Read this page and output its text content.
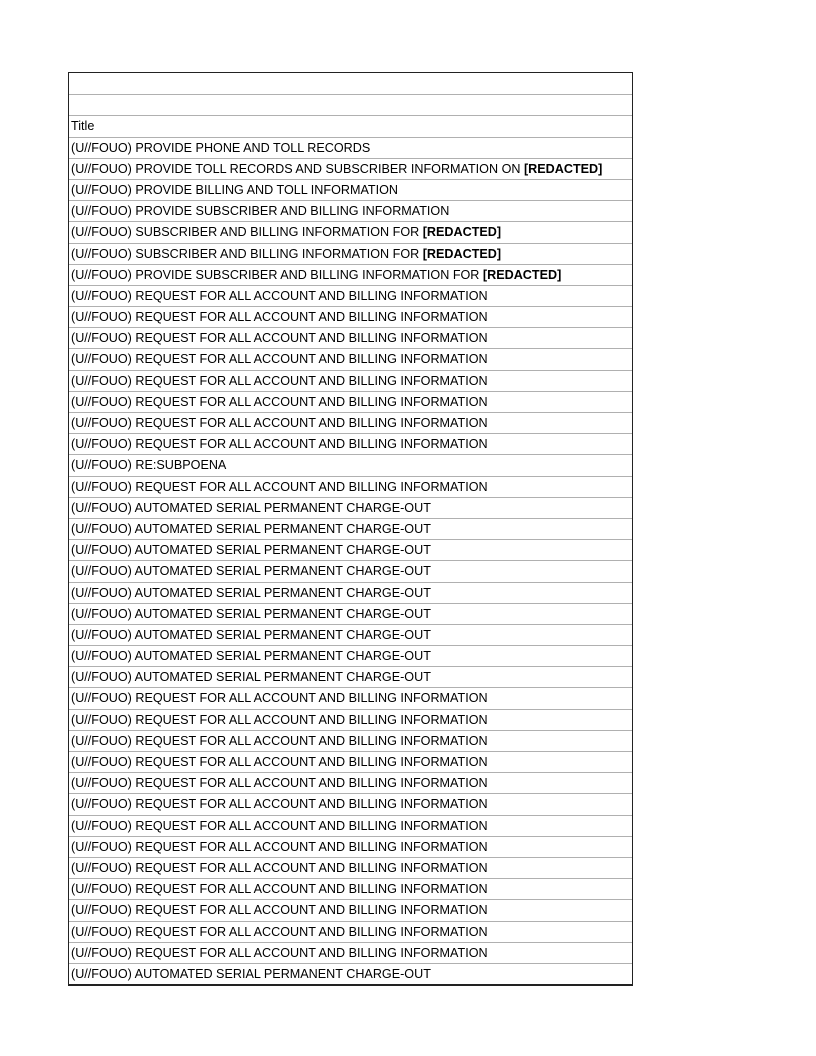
Title
(U//FOUO) PROVIDE PHONE AND TOLL RECORDS
(U//FOUO) PROVIDE TOLL RECORDS AND SUBSCRIBER INFORMATION ON [REDACTED]
(U//FOUO) PROVIDE BILLING AND TOLL INFORMATION
(U//FOUO) PROVIDE SUBSCRIBER AND BILLING INFORMATION
(U//FOUO) SUBSCRIBER AND BILLING INFORMATION FOR [REDACTED]
(U//FOUO) SUBSCRIBER AND BILLING INFORMATION FOR [REDACTED]
(U//FOUO) PROVIDE SUBSCRIBER AND BILLING INFORMATION FOR [REDACTED]
(U//FOUO) REQUEST FOR ALL ACCOUNT AND BILLING INFORMATION
(U//FOUO) REQUEST FOR ALL ACCOUNT AND BILLING INFORMATION
(U//FOUO) REQUEST FOR ALL ACCOUNT AND BILLING INFORMATION
(U//FOUO) REQUEST FOR ALL ACCOUNT AND BILLING INFORMATION
(U//FOUO) REQUEST FOR ALL ACCOUNT AND BILLING INFORMATION
(U//FOUO) REQUEST FOR ALL ACCOUNT AND BILLING INFORMATION
(U//FOUO) REQUEST FOR ALL ACCOUNT AND BILLING INFORMATION
(U//FOUO) REQUEST FOR ALL ACCOUNT AND BILLING INFORMATION
(U//FOUO) RE:SUBPOENA
(U//FOUO) REQUEST FOR ALL ACCOUNT AND BILLING INFORMATION
(U//FOUO) AUTOMATED SERIAL PERMANENT CHARGE-OUT
(U//FOUO) AUTOMATED SERIAL PERMANENT CHARGE-OUT
(U//FOUO) AUTOMATED SERIAL PERMANENT CHARGE-OUT
(U//FOUO) AUTOMATED SERIAL PERMANENT CHARGE-OUT
(U//FOUO) AUTOMATED SERIAL PERMANENT CHARGE-OUT
(U//FOUO) AUTOMATED SERIAL PERMANENT CHARGE-OUT
(U//FOUO) AUTOMATED SERIAL PERMANENT CHARGE-OUT
(U//FOUO) AUTOMATED SERIAL PERMANENT CHARGE-OUT
(U//FOUO) AUTOMATED SERIAL PERMANENT CHARGE-OUT
(U//FOUO) REQUEST FOR ALL ACCOUNT AND BILLING INFORMATION
(U//FOUO) REQUEST FOR ALL ACCOUNT AND BILLING INFORMATION
(U//FOUO) REQUEST FOR ALL ACCOUNT AND BILLING INFORMATION
(U//FOUO) REQUEST FOR ALL ACCOUNT AND BILLING INFORMATION
(U//FOUO) REQUEST FOR ALL ACCOUNT AND BILLING INFORMATION
(U//FOUO) REQUEST FOR ALL ACCOUNT AND BILLING INFORMATION
(U//FOUO) REQUEST FOR ALL ACCOUNT AND BILLING INFORMATION
(U//FOUO) REQUEST FOR ALL ACCOUNT AND BILLING INFORMATION
(U//FOUO) REQUEST FOR ALL ACCOUNT AND BILLING INFORMATION
(U//FOUO) REQUEST FOR ALL ACCOUNT AND BILLING INFORMATION
(U//FOUO) REQUEST FOR ALL ACCOUNT AND BILLING INFORMATION
(U//FOUO) REQUEST FOR ALL ACCOUNT AND BILLING INFORMATION
(U//FOUO) REQUEST FOR ALL ACCOUNT AND BILLING INFORMATION
(U//FOUO) AUTOMATED SERIAL PERMANENT CHARGE-OUT
